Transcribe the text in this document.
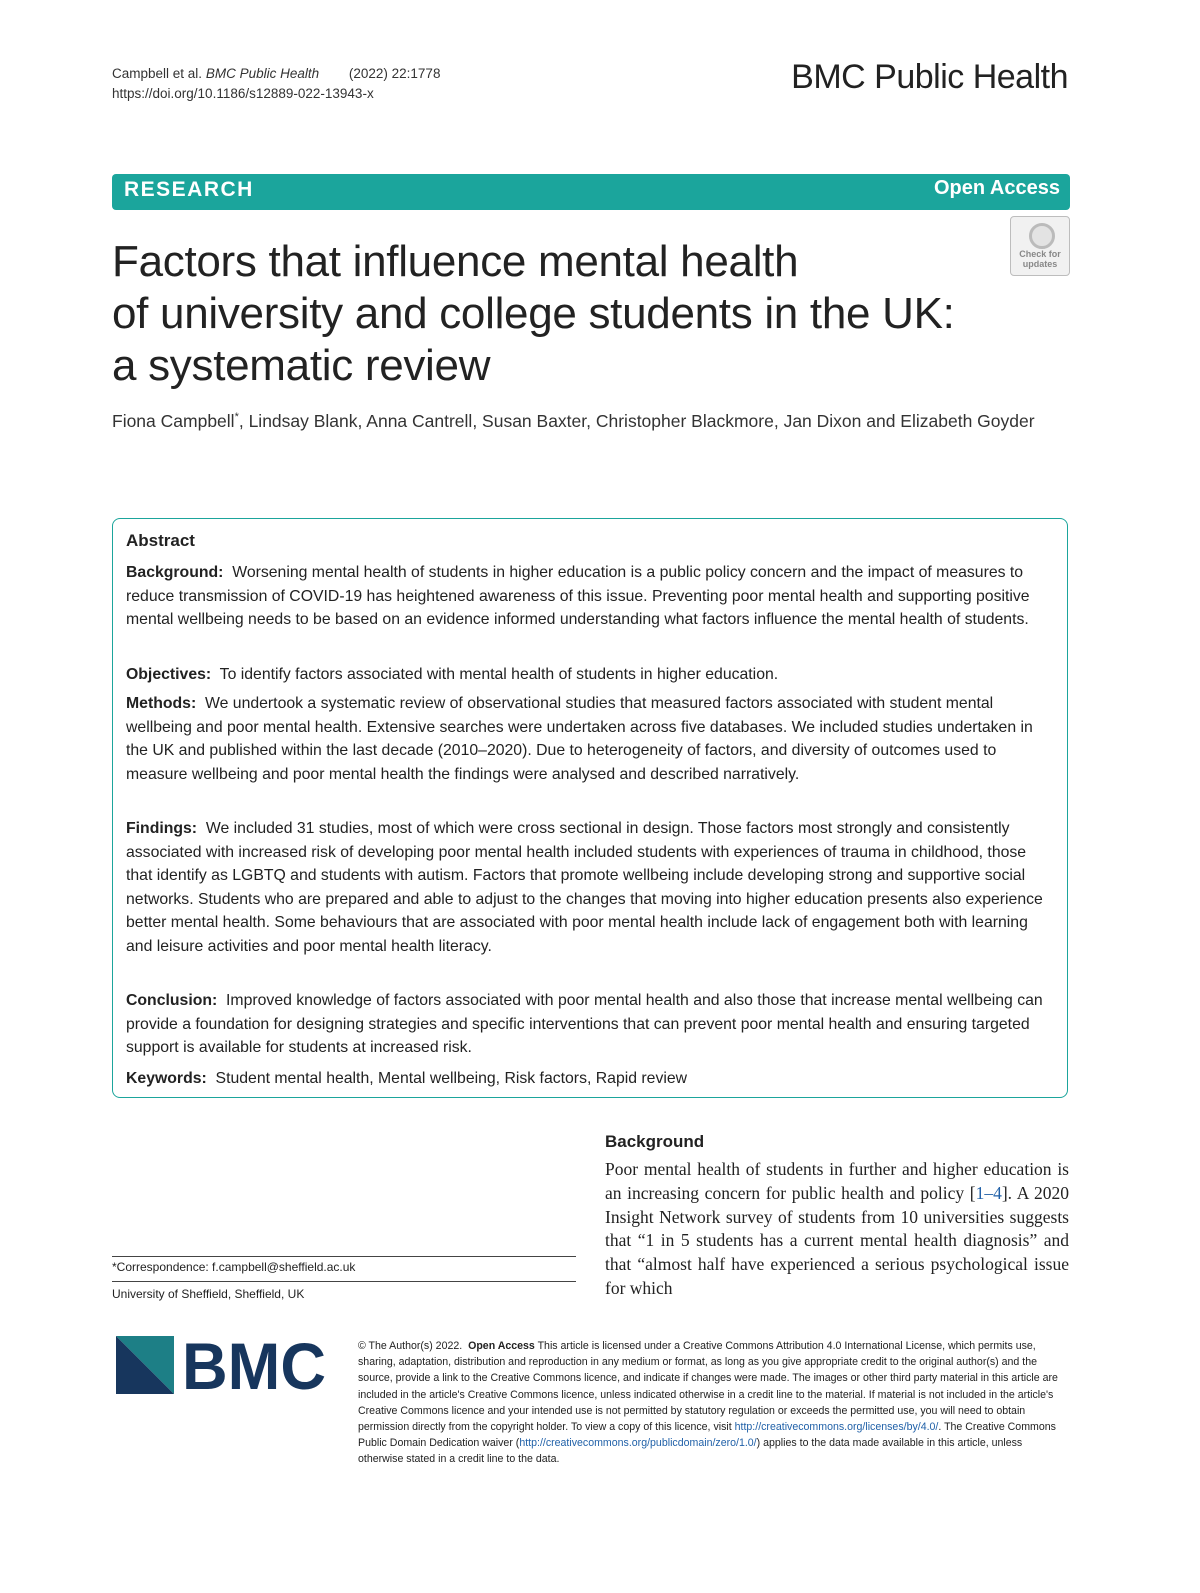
Campbell et al. BMC Public Health (2022) 22:1778
https://doi.org/10.1186/s12889-022-13943-x	BMC Public Health
RESEARCH	Open Access
Check for updates
Factors that influence mental health
of university and college students in the UK:
a systematic review
Fiona Campbell*, Lindsay Blank, Anna Cantrell, Susan Baxter, Christopher Blackmore, Jan Dixon and Elizabeth Goyder
Abstract
Background: Worsening mental health of students in higher education is a public policy concern and the impact of measures to reduce transmission of COVID-19 has heightened awareness of this issue. Preventing poor mental health and supporting positive mental wellbeing needs to be based on an evidence informed understanding what factors influence the mental health of students.
Objectives: To identify factors associated with mental health of students in higher education.
Methods: We undertook a systematic review of observational studies that measured factors associated with student mental wellbeing and poor mental health. Extensive searches were undertaken across five databases. We included studies undertaken in the UK and published within the last decade (2010–2020). Due to heterogeneity of factors, and diversity of outcomes used to measure wellbeing and poor mental health the findings were analysed and described narratively.
Findings: We included 31 studies, most of which were cross sectional in design. Those factors most strongly and consistently associated with increased risk of developing poor mental health included students with experiences of trauma in childhood, those that identify as LGBTQ and students with autism. Factors that promote wellbeing include developing strong and supportive social networks. Students who are prepared and able to adjust to the changes that moving into higher education presents also experience better mental health. Some behaviours that are associated with poor mental health include lack of engagement both with learning and leisure activities and poor mental health literacy.
Conclusion: Improved knowledge of factors associated with poor mental health and also those that increase mental wellbeing can provide a foundation for designing strategies and specific interventions that can prevent poor mental health and ensuring targeted support is available for students at increased risk.
Keywords: Student mental health, Mental wellbeing, Risk factors, Rapid review
Background
Poor mental health of students in further and higher education is an increasing concern for public health and policy [1–4]. A 2020 Insight Network survey of students from 10 universities suggests that “1 in 5 students has a current mental health diagnosis” and that “almost half have experienced a serious psychological issue for which
*Correspondence: f.campbell@sheffield.ac.uk
University of Sheffield, Sheffield, UK
BMC	© The Author(s) 2022. Open Access This article is licensed under a Creative Commons Attribution 4.0 International License, which permits use, sharing, adaptation, distribution and reproduction in any medium or format, as long as you give appropriate credit to the original author(s) and the source, provide a link to the Creative Commons licence, and indicate if changes were made. The images or other third party material in this article are included in the article's Creative Commons licence, unless indicated otherwise in a credit line to the material. If material is not included in the article's Creative Commons licence and your intended use is not permitted by statutory regulation or exceeds the permitted use, you will need to obtain permission directly from the copyright holder. To view a copy of this licence, visit http://creativecommons.org/licenses/by/4.0/. The Creative Commons Public Domain Dedication waiver (http://creativecommons.org/publicdomain/zero/1.0/) applies to the data made available in this article, unless otherwise stated in a credit line to the data.
